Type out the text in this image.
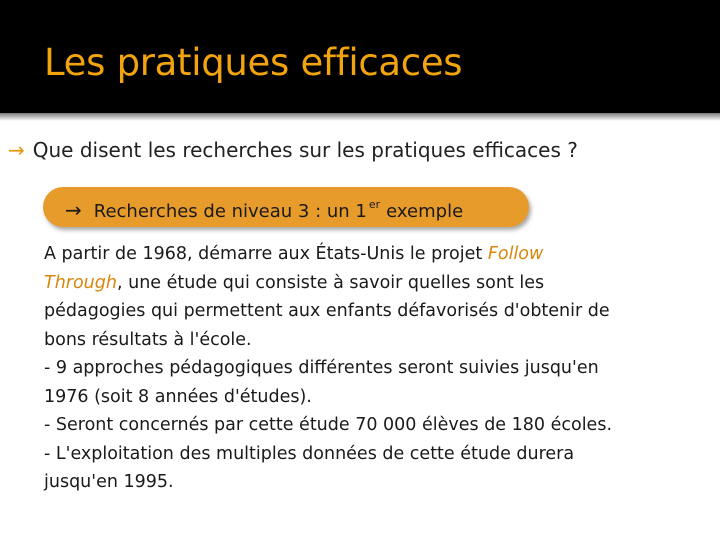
Les pratiques efficaces
→ Que disent les recherches sur les pratiques efficaces ?
→ Recherches de niveau 3 : un 1 $^{er}$ exemple
A partir de 1968, démarre aux États-Unis le projet Follow
Through, une étude qui consiste à savoir quelles sont les
pédagogies qui permettent aux enfants défavorisés d'obtenir de
bons résultats à l'école.
- 9 approches pédagogiques différentes seront suivies jusqu'en
1976 (soit 8 années d'études).
- Seront concernés par cette étude 70 000 élèves de 180 écoles.
- L'exploitation des multiples données de cette étude durera
jusqu'en 1995.
